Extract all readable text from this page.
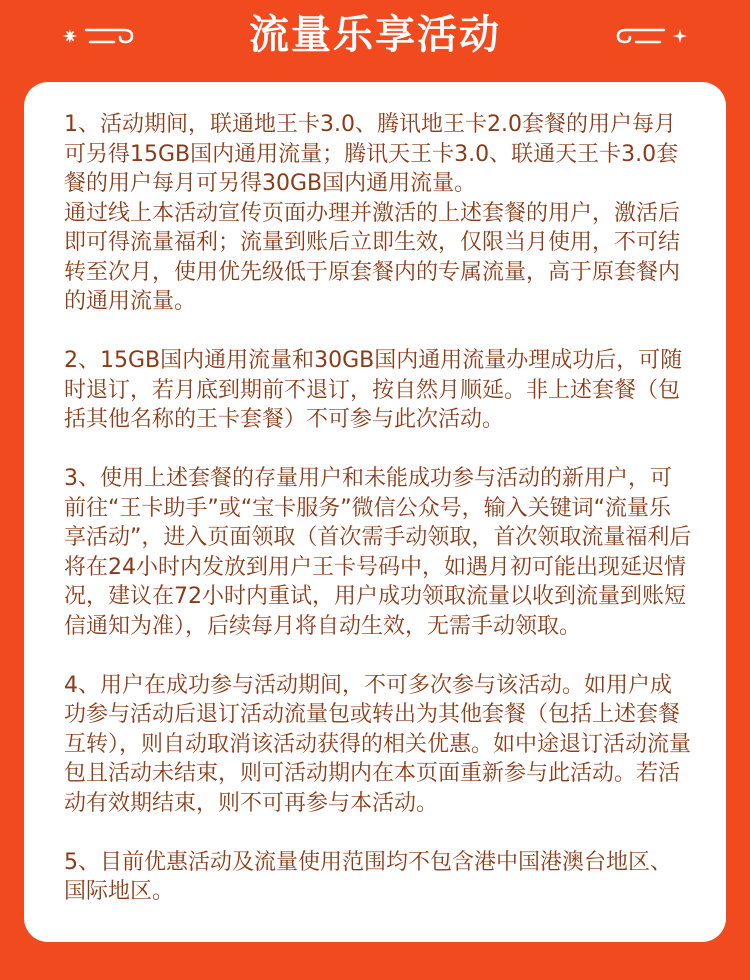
流量乐享活动

1、活动期间，联通地王卡3.0、腾讯地王卡2.0套餐的用户每月可另得15GB国内通用流量；腾讯天王卡3.0、联通天王卡3.0套餐的用户每月可另得30GB国内通用流量。

通过线上本活动宣传页面办理并激活的上述套餐的用户，激活后即可得流量福利；流量到账后立即生效，仅限当月使用，不可结转至次月，使用优先级低于原套餐内的专属流量，高于原套餐内的通用流量。

2、15GB国内通用流量和30GB国内通用流量办理成功后，可随时退订，若月底到期前不退订，按自然月顺延。非上述套餐（包括其他名称的王卡套餐）不可参与此次活动。

3、使用上述套餐的存量用户和未能成功参与活动的新用户，可前往“王卡助手”或“宝卡服务”微信公众号，输入关键词“流量乐享活动”，进入页面领取（首次需手动领取，首次领取流量福利后将在24小时内发放到用户王卡号码中，如遇月初可能出现延迟情况，建议在72小时内重试，用户成功领取流量以收到流量到账短信通知为准），后续每月将自动生效，无需手动领取。

4、用户在成功参与活动期间，不可多次参与该活动。如用户成功参与活动后退订活动流量包或转出为其他套餐（包括上述套餐互转），则自动取消该活动获得的相关优惠。如中途退订活动流量包且活动未结束，则可活动期内在本页面重新参与此活动。若活动有效期结束，则不可再参与本活动。

5、目前优惠活动及流量使用范围均不包含港中国港澳台地区、国际地区。
